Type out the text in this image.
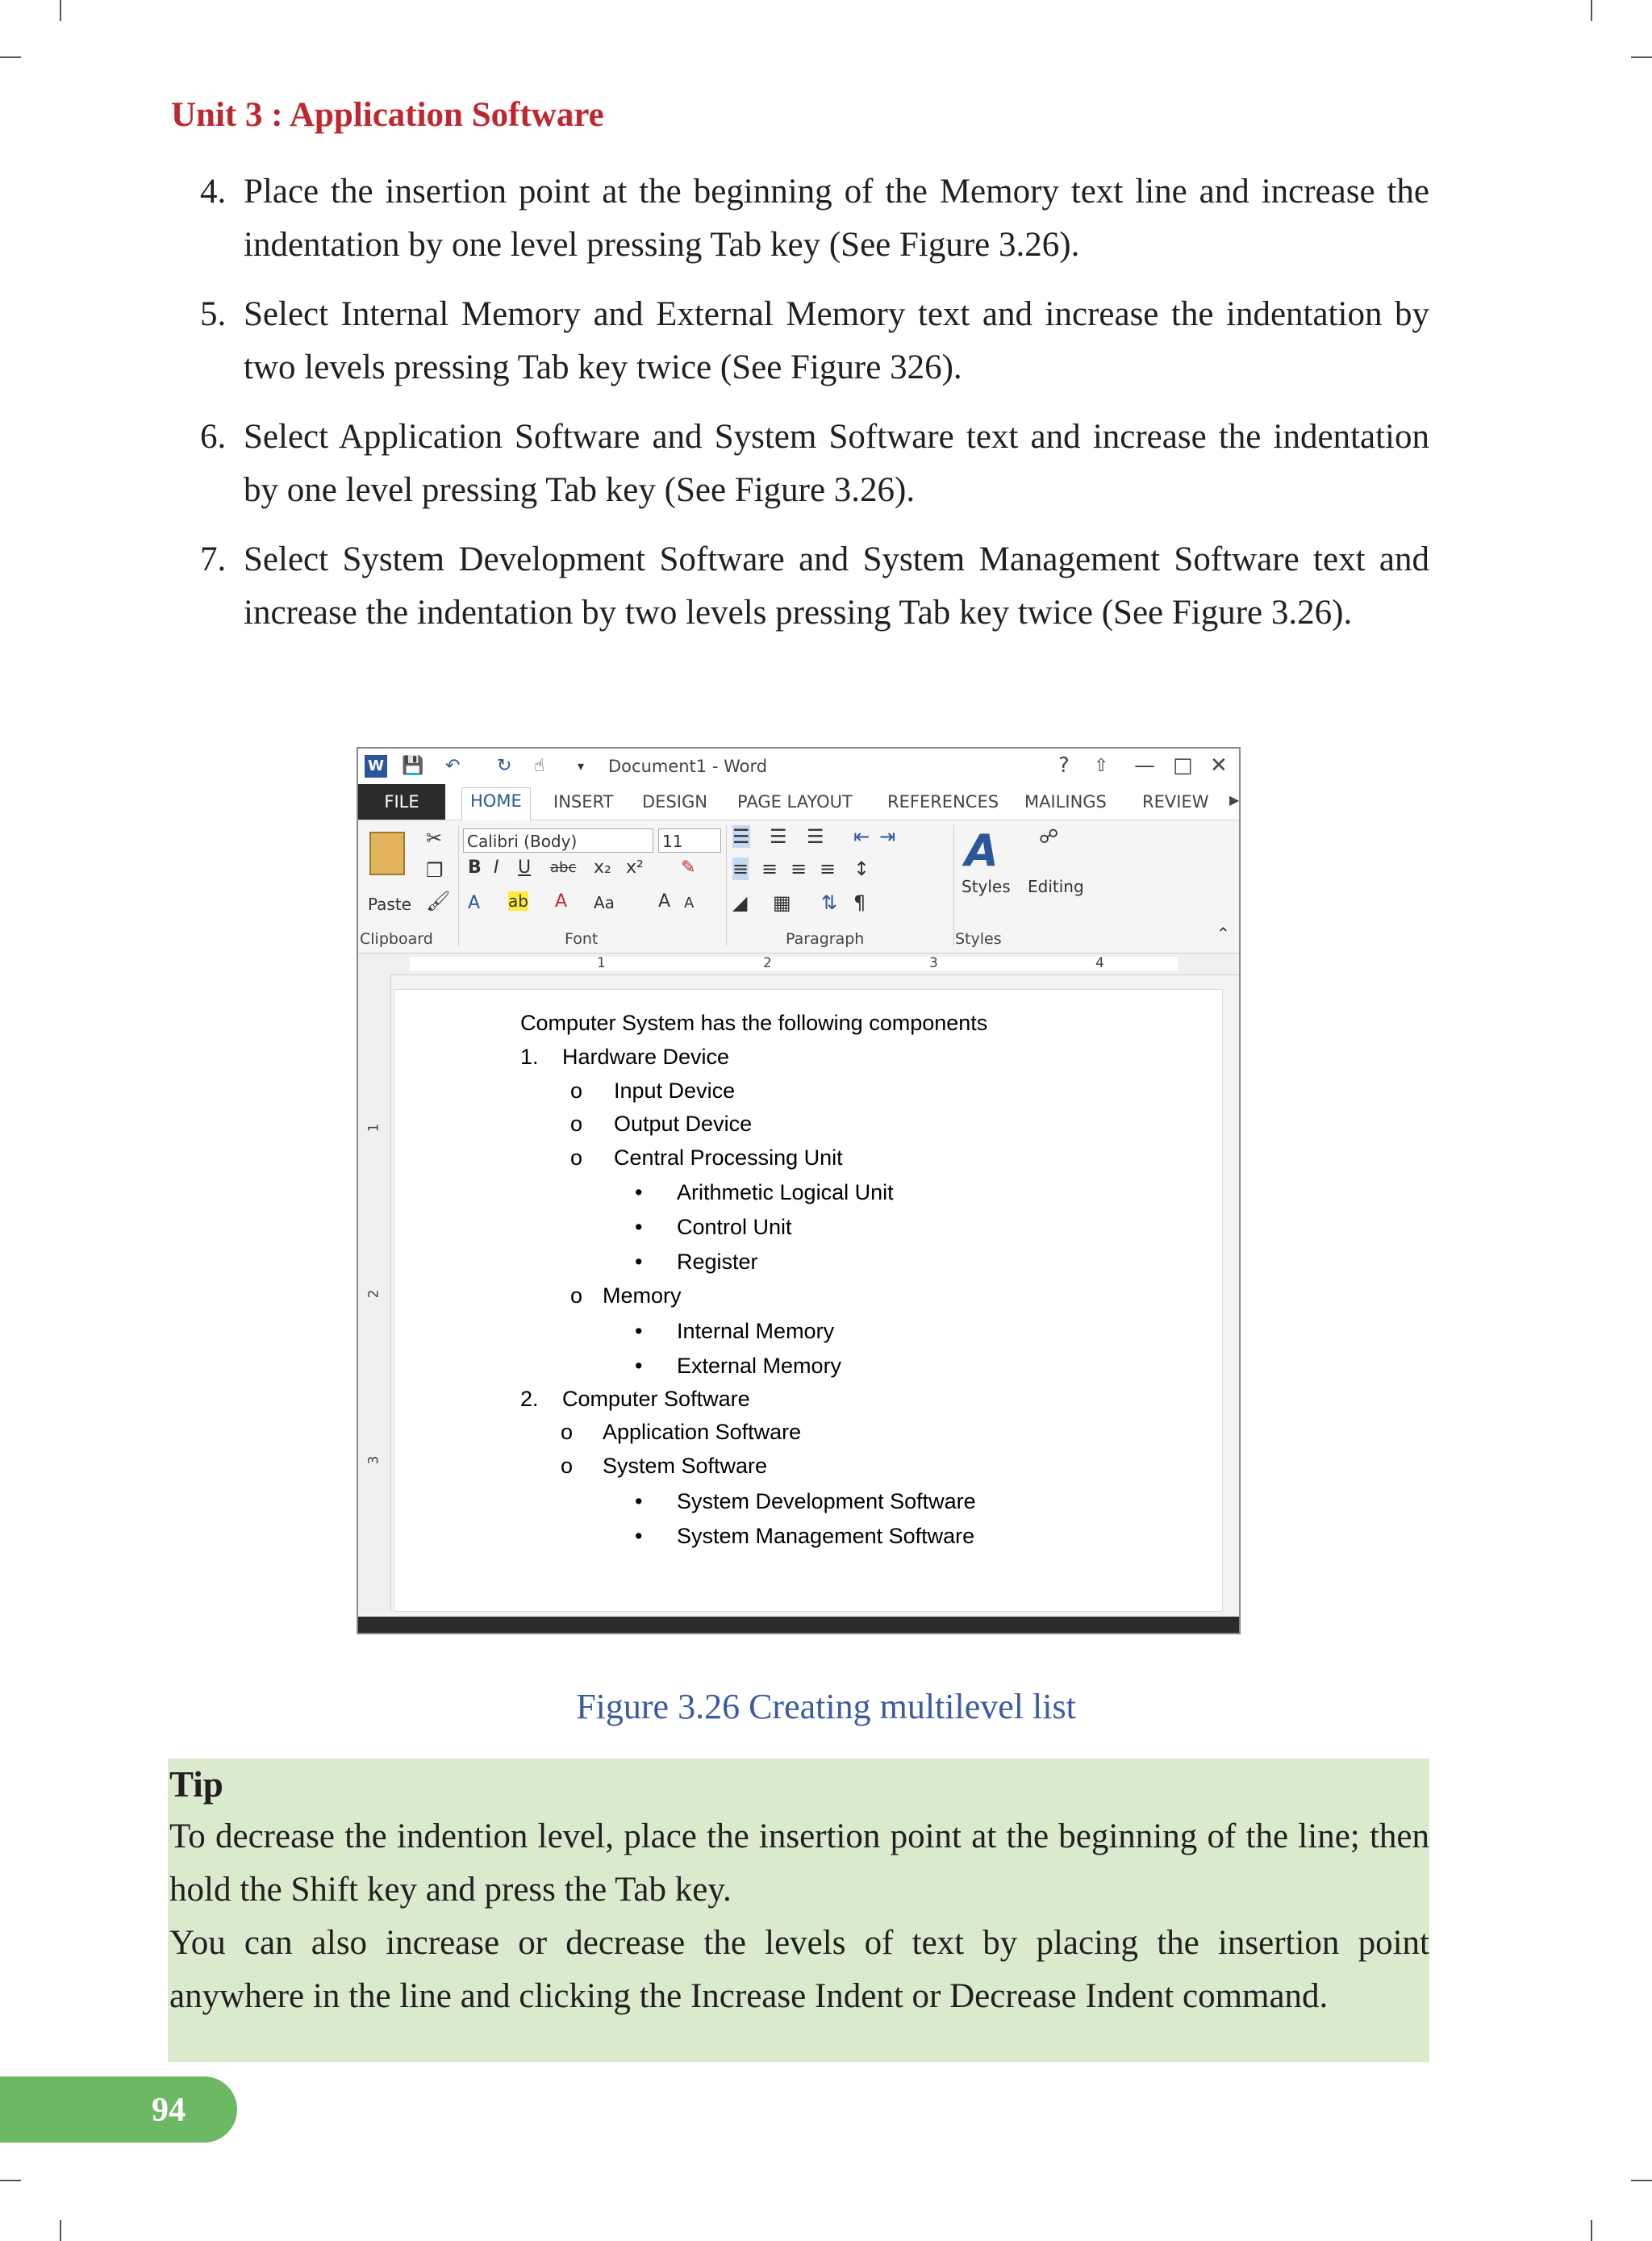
Unit 3 : Application Software
4. Place the insertion point at the beginning of the Memory text line and increase the indentation by one level pressing Tab key (See Figure 3.26).
5. Select Internal Memory and External Memory text and increase the indentation by two levels pressing Tab key twice (See Figure 326).
6. Select Application Software and System Software text and increase the indentation by one level pressing Tab key (See Figure 3.26).
7. Select System Development Software and System Management Software text and increase the indentation by two levels pressing Tab key twice (See Figure 3.26).
W 💾 ↶ ↻ ☝	▾ Document1 - Word	? ⇧ — □ ✕
FILE	HOME	INSERT DESIGN PAGE LAYOUT REFERENCES MAILINGS REVIEW ▶
Paste
✂
❐
🖌
Calibri (Body)	11
B I U abc x₂ x² ✎
A ab A Aa A A
☰ ☰ ☰ ⇤ ⇥
≡ ≡ ≡ ≡ ↕
◢ ▦ ⇅ ¶
A
Styles
☍
Editing
Clipboard	Font	Paragraph	Styles	⌃
1	2	3	4
1
2
3
Computer System has the following components
1. Hardware Device
o Input Device
o Output Device
o Central Processing Unit
• Arithmetic Logical Unit
• Control Unit
• Register
o Memory
• Internal Memory
• External Memory
2. Computer Software
o Application Software
o System Software
• System Development Software
• System Management Software
Figure 3.26 Creating multilevel list

Tip

To decrease the indention level, place the insertion point at the beginning of the line; then hold the Shift key and press the Tab key.

You can also increase or decrease the levels of text by placing the insertion point anywhere in the line and clicking the Increase Indent or Decrease Indent command.

94
